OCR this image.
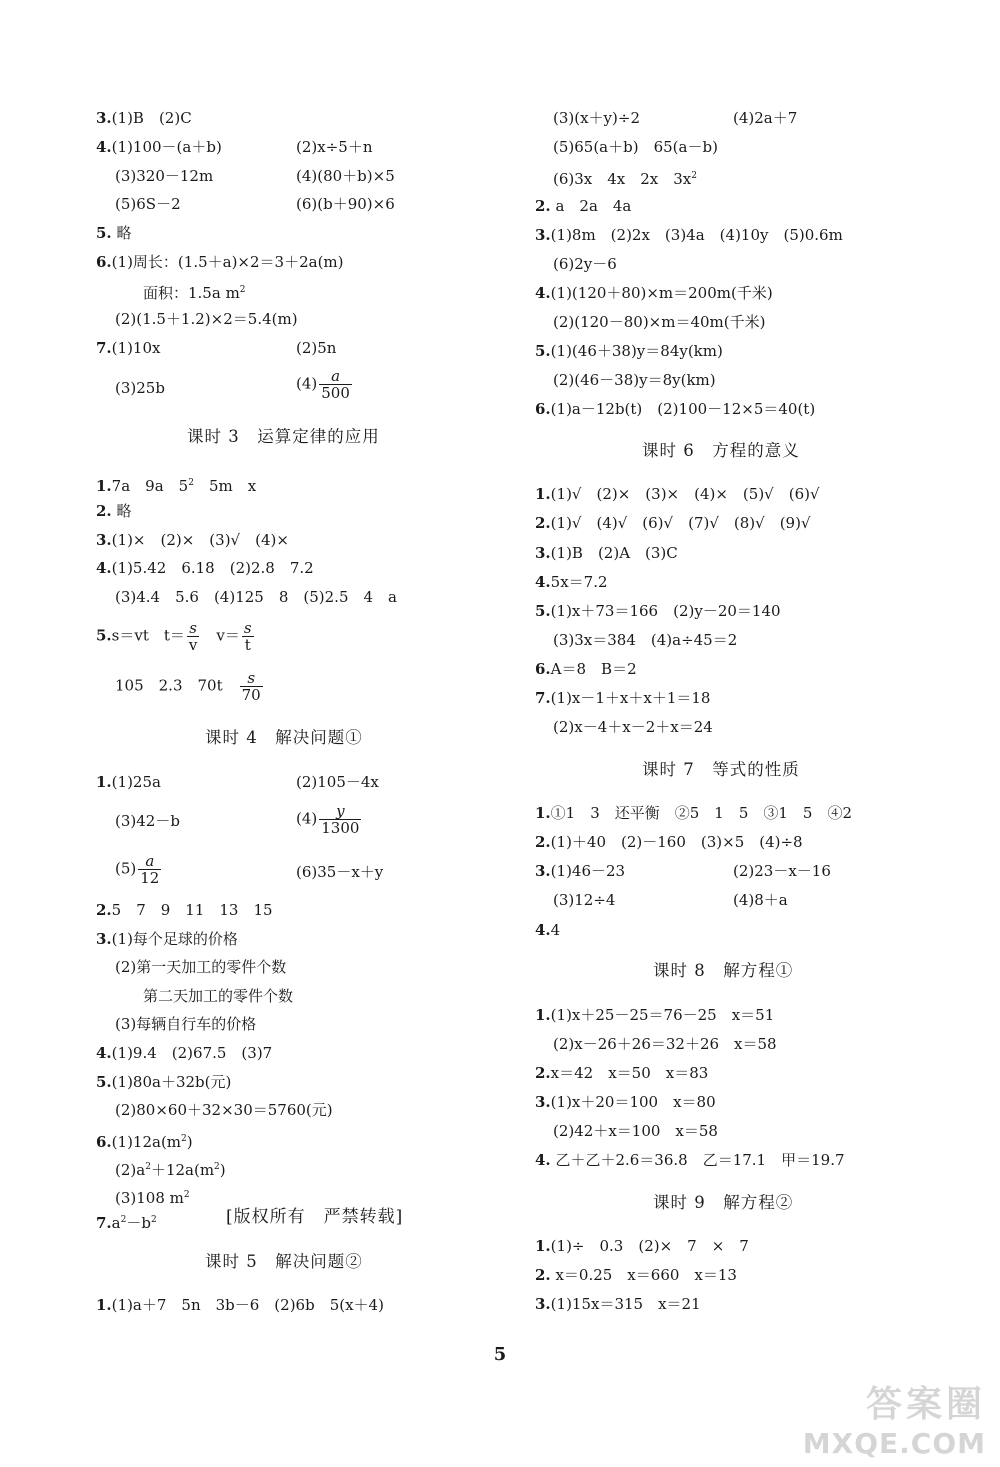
3.(1)B　(2)C
4.(1)100－(a＋b)	(2)x÷5＋n
(3)320－12m	(4)(80＋b)×5
(5)6S－2	(6)(b＋90)×6
5. 略
6.(1)周长：(1.5＋a)×2＝3＋2a(m)
面积：1.5a $m^2$
(2)(1.5＋1.2)×2＝5.4(m)
7.(1)10x	(2)5n
(3)25b	$(4) \frac{a}{500}$
课时 3　运算定律的应用
1.7a　9a　$5^2$　5m　x
2. 略
3.(1)×　(2)×　(3)√　(4)×
4.(1)5.42　6.18　(2)2.8　7.2
(3)4.4　5.6　(4)125　8　(5)2.5　4　a
5.s＝vt　$t= \frac{s}{v}$ 　$v= \frac{s}{t}$
105　2.3　70t　 $\frac{s}{70}$
课时 4　解决问题①
1.(1)25a	(2)105－4x
(3)42－b	$(4) \frac{y}{1300}$
$(5) \frac{a}{12}$	(6)35－x＋y
2.5　7　9　11　13　15
3.(1)每个足球的价格
(2)第一天加工的零件个数
第二天加工的零件个数
(3)每辆自行车的价格
4.(1)9.4　(2)67.5　(3)7
5.(1)80a＋32b(元)
(2)80×60＋32×30＝5760(元)
$6.(1)12a(m^2)$
$(2)a^2+12a(m^2)$
(3)108 $m^2$
$7.a^2-b^2$	[版权所有　严禁转载]
课时 5　解决问题②
1.(1)a＋7　5n　3b－6　(2)6b　5(x＋4)
(3)(x＋y)÷2	(4)2a＋7
(5)65(a＋b)　65(a－b)
(6)3x　4x　2x　$3x^2$
2. a　2a　4a
3.(1)8m　(2)2x　(3)4a　(4)10y　(5)0.6m
(6)2y－6
4.(1)(120＋80)×m＝200m(千米)
(2)(120－80)×m＝40m(千米)
5.(1)(46＋38)y＝84y(km)
(2)(46－38)y＝8y(km)
6.(1)a－12b(t)　(2)100－12×5＝40(t)
课时 6　方程的意义
1.(1)√　(2)×　(3)×　(4)×　(5)√　(6)√
2.(1)√　(4)√　(6)√　(7)√　(8)√　(9)√
3.(1)B　(2)A　(3)C
4.5x＝7.2
5.(1)x＋73＝166　(2)y－20＝140
(3)3x＝384　(4)a÷45＝2
6.A＝8　B＝2
7.(1)x－1＋x＋x＋1＝18
(2)x－4＋x－2＋x＝24
课时 7　等式的性质
1.①1　3　还平衡　②5　1　5　③1　5　④2
2.(1)＋40　(2)－160　(3)×5　(4)÷8
3.(1)46－23	(2)23－x－16
(3)12÷4	(4)8＋a
4.4
课时 8　解方程①
1.(1)x＋25－25＝76－25　x＝51
(2)x－26＋26＝32＋26　x＝58
2.x＝42　x＝50　x＝83
3.(1)x＋20＝100　x＝80
(2)42＋x＝100　x＝58
4. 乙＋乙＋2.6＝36.8　乙＝17.1　甲＝19.7
课时 9　解方程②
1.(1)÷　0.3　(2)×　7　×　7
2. x＝0.25　x＝660　x＝13
3.(1)15x＝315　x＝21
5
答案圈
MXQE.COM
